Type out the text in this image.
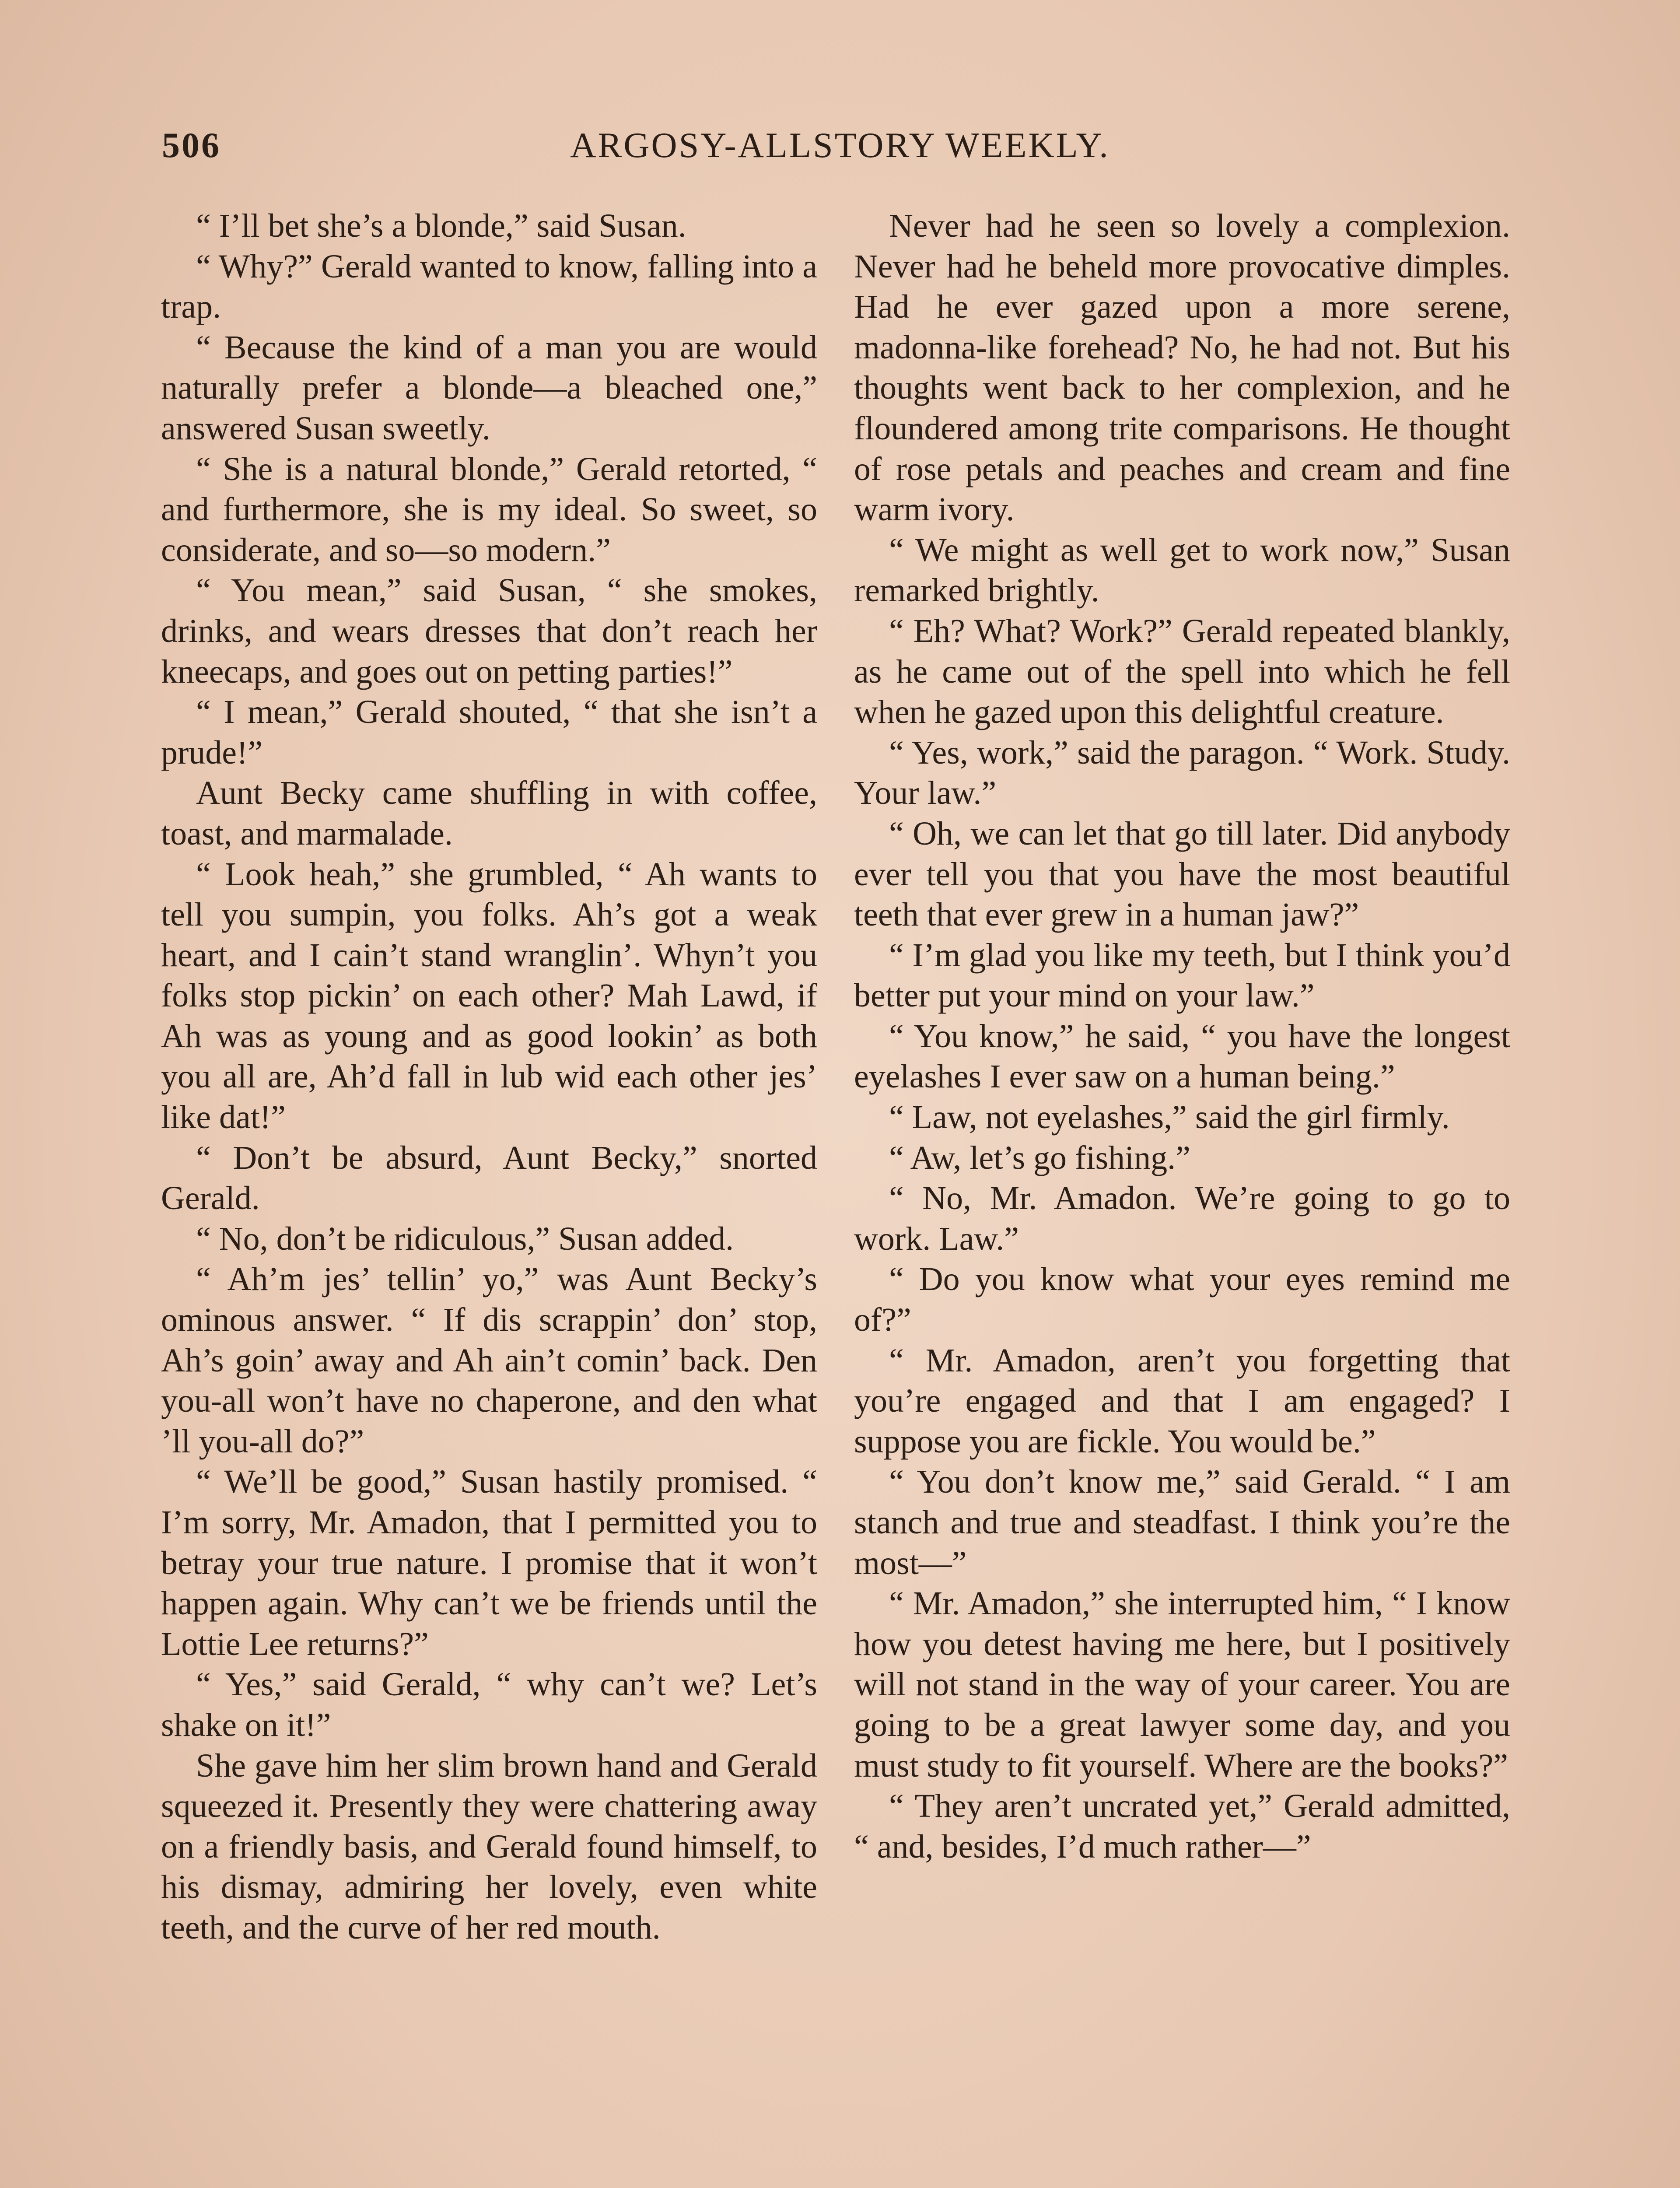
506	ARGOSY-ALLSTORY WEEKLY.

“ I’ll bet she’s a blonde,” said Susan.

“ Why?” Gerald wanted to know, falling into a trap.

“ Because the kind of a man you are would naturally prefer a blonde—a bleached one,” answered Susan sweetly.

“ She is a natural blonde,” Gerald retorted, “ and furthermore, she is my ideal. So sweet, so considerate, and so—so modern.”

“ You mean,” said Susan, “ she smokes, drinks, and wears dresses that don’t reach her kneecaps, and goes out on petting parties!”

“ I mean,” Gerald shouted, “ that she isn’t a prude!”

Aunt Becky came shuffling in with coffee, toast, and marmalade.

“ Look heah,” she grumbled, “ Ah wants to tell you sumpin, you folks. Ah’s got a weak heart, and I cain’t stand wranglin’. Whyn’t you folks stop pickin’ on each other? Mah Lawd, if Ah was as young and as good lookin’ as both you all are, Ah’d fall in lub wid each other jes’ like dat!”

“ Don’t be absurd, Aunt Becky,” snorted Gerald.

“ No, don’t be ridiculous,” Susan added.

“ Ah’m jes’ tellin’ yo,” was Aunt Becky’s ominous answer. “ If dis scrappin’ don’ stop, Ah’s goin’ away and Ah ain’t comin’ back. Den you-all won’t have no chaperone, and den what ’ll you-all do?”

“ We’ll be good,” Susan hastily promised. “ I’m sorry, Mr. Amadon, that I permitted you to betray your true nature. I promise that it won’t happen again. Why can’t we be friends until the Lottie Lee returns?”

“ Yes,” said Gerald, “ why can’t we? Let’s shake on it!”

She gave him her slim brown hand and Gerald squeezed it. Presently they were chattering away on a friendly basis, and Gerald found himself, to his dismay, admiring her lovely, even white teeth, and the curve of her red mouth.

Never had he seen so lovely a complexion. Never had he beheld more provocative dimples. Had he ever gazed upon a more serene, madonna-like forehead? No, he had not. But his thoughts went back to her complexion, and he floundered among trite comparisons. He thought of rose petals and peaches and cream and fine warm ivory.

“ We might as well get to work now,” Susan remarked brightly.

“ Eh? What? Work?” Gerald repeated blankly, as he came out of the spell into which he fell when he gazed upon this delightful creature.

“ Yes, work,” said the paragon. “ Work. Study. Your law.”

“ Oh, we can let that go till later. Did anybody ever tell you that you have the most beautiful teeth that ever grew in a human jaw?”

“ I’m glad you like my teeth, but I think you’d better put your mind on your law.”

“ You know,” he said, “ you have the longest eyelashes I ever saw on a human being.”

“ Law, not eyelashes,” said the girl firmly.

“ Aw, let’s go fishing.”

“ No, Mr. Amadon. We’re going to go to work. Law.”

“ Do you know what your eyes remind me of?”

“ Mr. Amadon, aren’t you forgetting that you’re engaged and that I am engaged? I suppose you are fickle. You would be.”

“ You don’t know me,” said Gerald. “ I am stanch and true and steadfast. I think you’re the most—”

“ Mr. Amadon,” she interrupted him, “ I know how you detest having me here, but I positively will not stand in the way of your career. You are going to be a great lawyer some day, and you must study to fit yourself. Where are the books?”

“ They aren’t uncrated yet,” Gerald admitted, “ and, besides, I’d much rather—”
